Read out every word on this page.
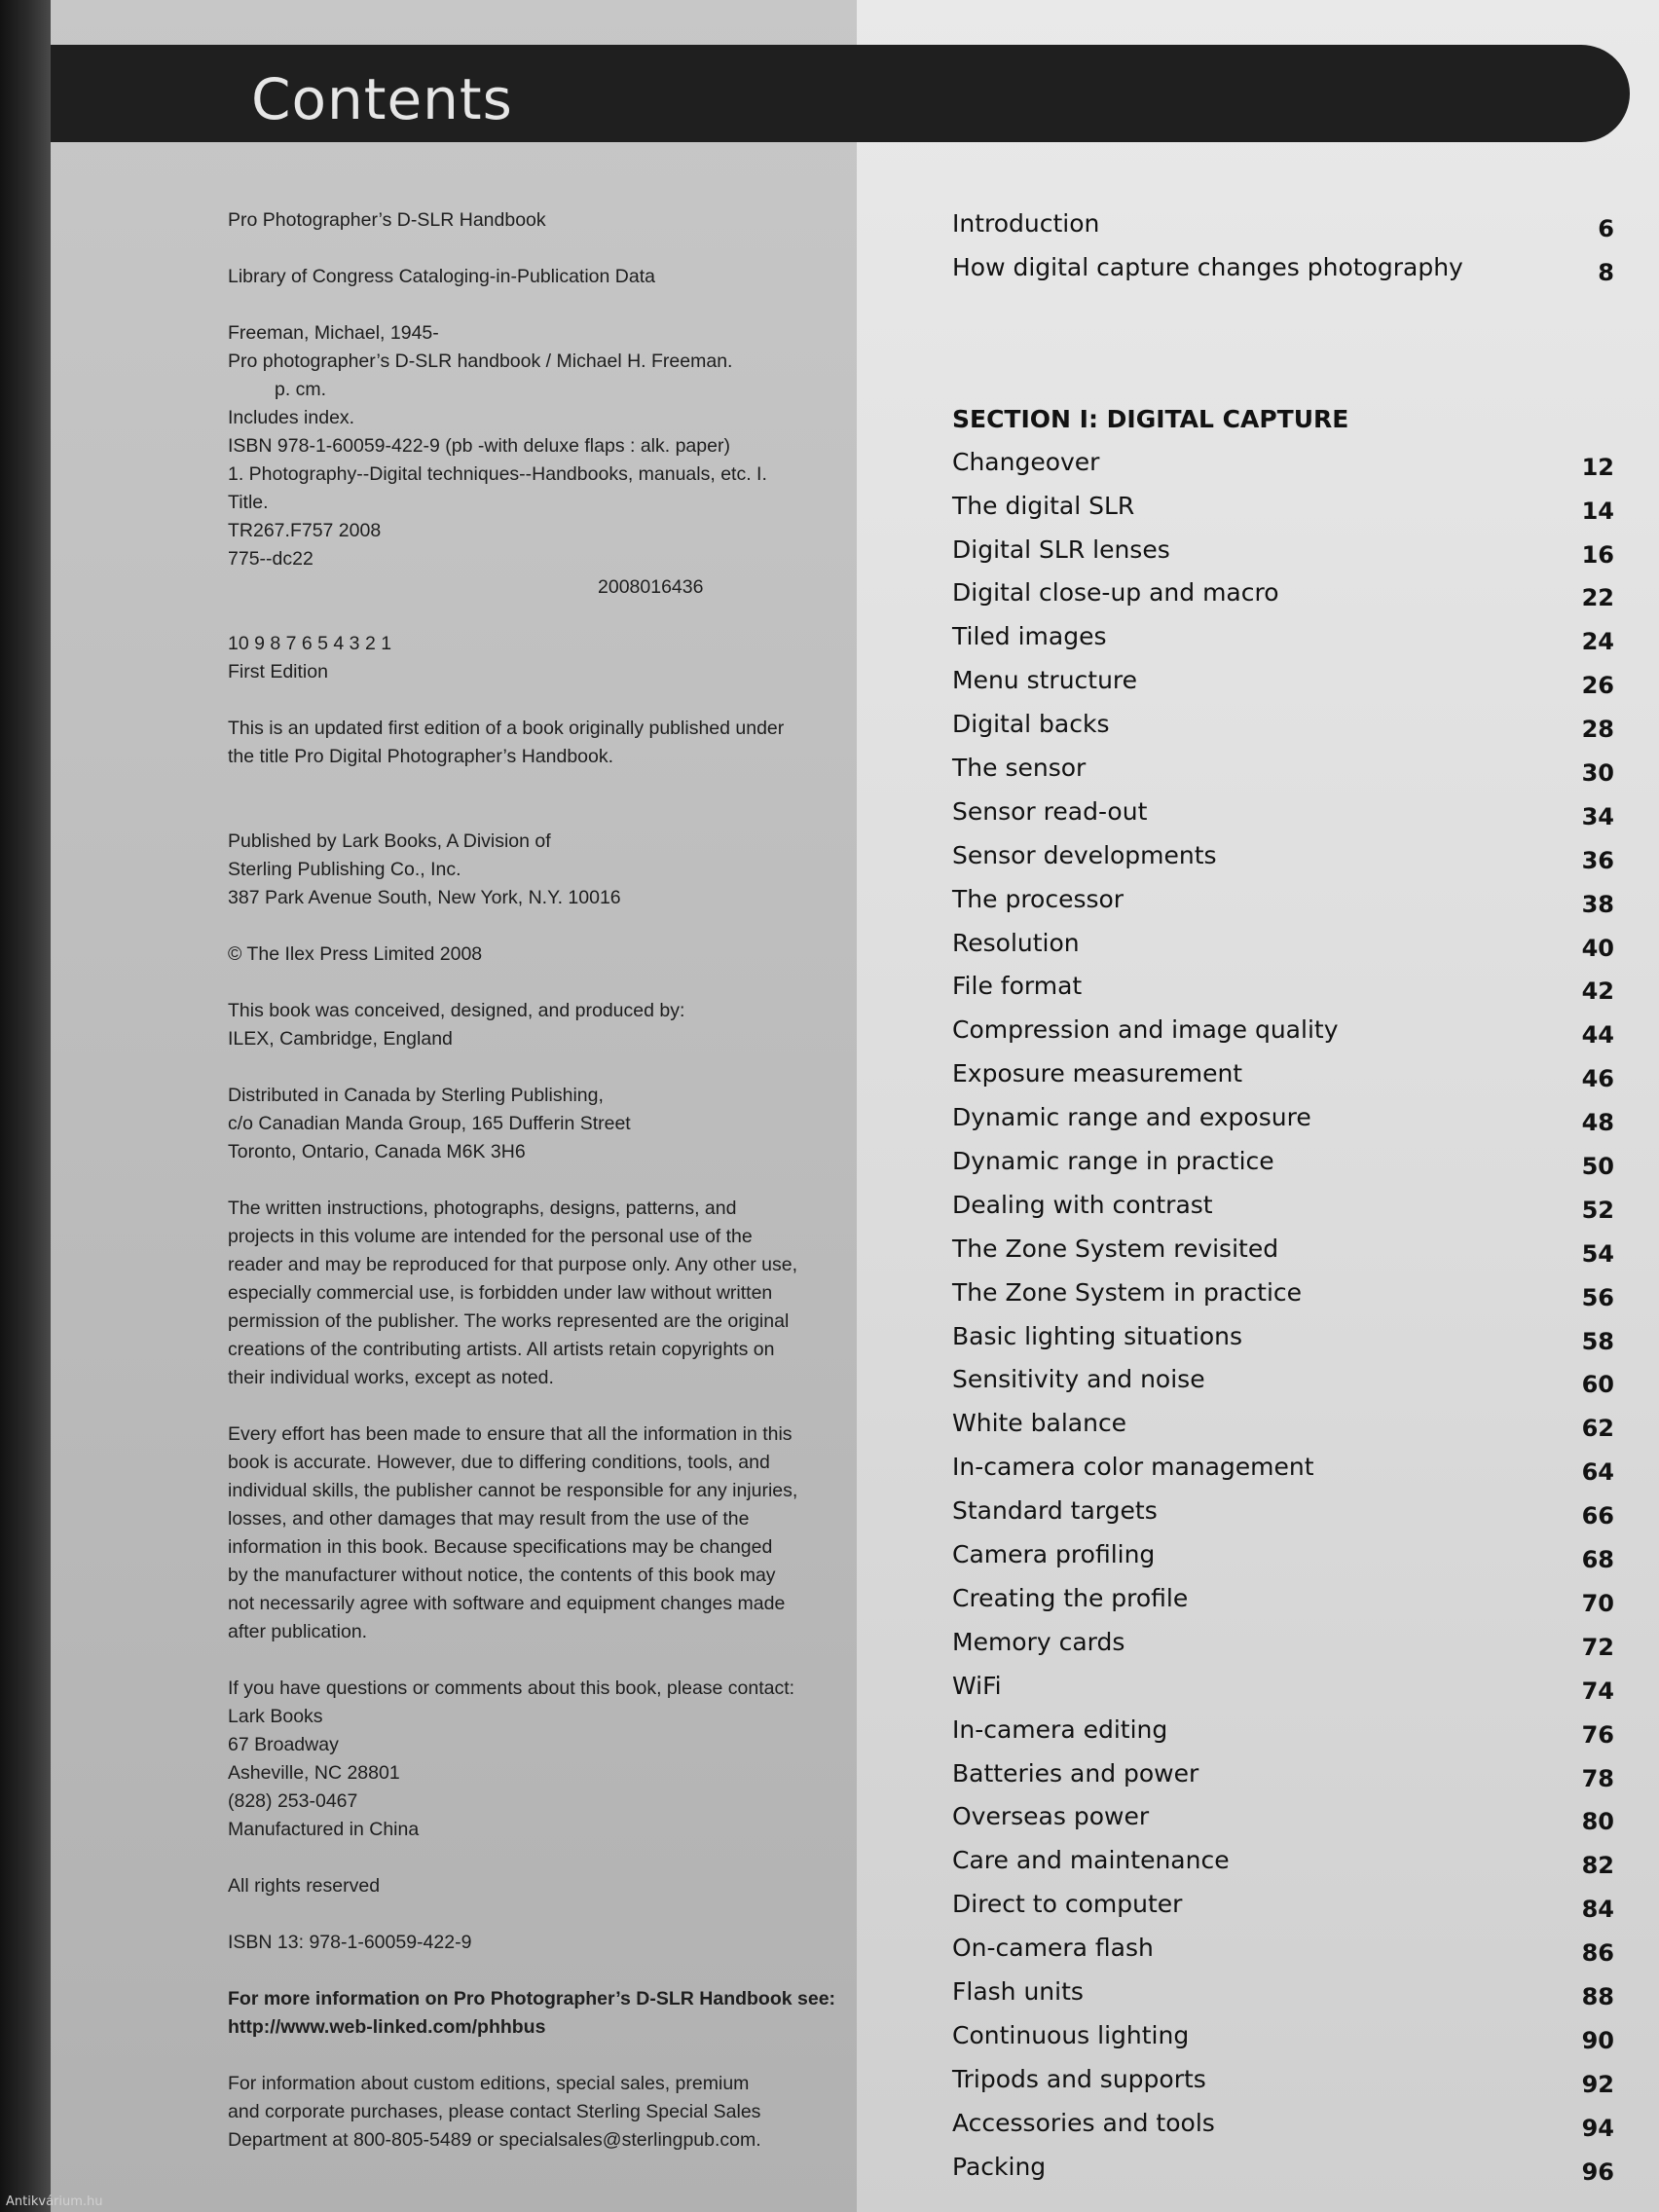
Contents

Pro Photographer’s D-SLR Handbook

Library of Congress Cataloging-in-Publication Data

Freeman, Michael, 1945-
Pro photographer’s D-SLR handbook / Michael H. Freeman.
p. cm.
Includes index.
ISBN 978-1-60059-422-9 (pb -with deluxe flaps : alk. paper)
1. Photography--Digital techniques--Handbooks, manuals, etc. I.
Title.
TR267.F757 2008
775--dc22
2008016436

10 9 8 7 6 5 4 3 2 1
First Edition

This is an updated first edition of a book originally published under
the title Pro Digital Photographer’s Handbook.

Published by Lark Books, A Division of
Sterling Publishing Co., Inc.
387 Park Avenue South, New York, N.Y. 10016

© The Ilex Press Limited 2008

This book was conceived, designed, and produced by:
ILEX, Cambridge, England

Distributed in Canada by Sterling Publishing,
c/o Canadian Manda Group, 165 Dufferin Street
Toronto, Ontario, Canada M6K 3H6

The written instructions, photographs, designs, patterns, and
projects in this volume are intended for the personal use of the
reader and may be reproduced for that purpose only. Any other use,
especially commercial use, is forbidden under law without written
permission of the publisher. The works represented are the original
creations of the contributing artists. All artists retain copyrights on
their individual works, except as noted.

Every effort has been made to ensure that all the information in this
book is accurate. However, due to differing conditions, tools, and
individual skills, the publisher cannot be responsible for any injuries,
losses, and other damages that may result from the use of the
information in this book. Because specifications may be changed
by the manufacturer without notice, the contents of this book may
not necessarily agree with software and equipment changes made
after publication.

If you have questions or comments about this book, please contact:
Lark Books
67 Broadway
Asheville, NC 28801
(828) 253-0467
Manufactured in China

All rights reserved

ISBN 13: 978-1-60059-422-9

For more information on Pro Photographer’s D-SLR Handbook see:
http://www.web-linked.com/phhbus

For information about custom editions, special sales, premium
and corporate purchases, please contact Sterling Special Sales
Department at 800-805-5489 or specialsales@sterlingpub.com.

Introduction	6
How digital capture changes photography	8
SECTION I: DIGITAL CAPTURE
Changeover	12
The digital SLR	14
Digital SLR lenses	16
Digital close-up and macro	22
Tiled images	24
Menu structure	26
Digital backs	28
The sensor	30
Sensor read-out	34
Sensor developments	36
The processor	38
Resolution	40
File format	42
Compression and image quality	44
Exposure measurement	46
Dynamic range and exposure	48
Dynamic range in practice	50
Dealing with contrast	52
The Zone System revisited	54
The Zone System in practice	56
Basic lighting situations	58
Sensitivity and noise	60
White balance	62
In-camera color management	64
Standard targets	66
Camera profiling	68
Creating the profile	70
Memory cards	72
WiFi	74
In-camera editing	76
Batteries and power	78
Overseas power	80
Care and maintenance	82
Direct to computer	84
On-camera flash	86
Flash units	88
Continuous lighting	90
Tripods and supports	92
Accessories and tools	94
Packing	96
Antikvárium.hu
